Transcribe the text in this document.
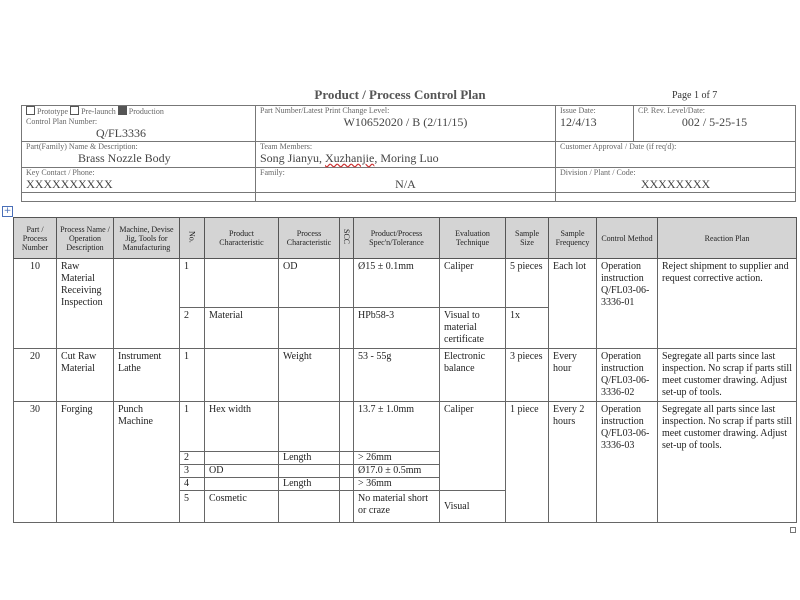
Product / Process Control Plan	Page 1 of 7
Prototype Pre-launch Production
Control Plan Number:
Q/FL3336	Part Number/Latest Print Change Level:
W10652020 / B (2/11/15)	Issue Date:
12/4/13	CP. Rev. Level/Date:
002 / 5-25-15

Part(Family) Name & Description:
Brass Nozzle Body	Team Members:
Song Jianyu, Xuzhanjie, Moring Luo	Customer Approval / Date (if req'd):	

Key Contact / Phone:
XXXXXXXXXX	Family:
N/A	Division / Plant / Code:
XXXXXXXX	

+
Part / Process Number	Process Name / Operation Description	Machine, Devise Jig, Tools for Manufacturing	No.	Product Characteristic	Process Characteristic	SCC	Product/Process Spec'n/Tolerance	Evaluation Technique	Sample Size	Sample Frequency	Control Method	Reaction Plan
10	Raw Material Receiving Inspection		1		OD		Ø15 ± 0.1mm	Caliper	5 pieces	Each lot	Operation instruction Q/FL03-06-3336-01	Reject shipment to supplier and request corrective action.
			2	Material			HPb58-3	Visual to material certificate	1x			
20	Cut Raw Material	Instrument Lathe	1		Weight		53 - 55g	Electronic balance	3 pieces	Every hour	Operation instruction Q/FL03-06-3336-02	Segregate all parts since last inspection. No scrap if parts still meet customer drawing. Adjust set-up of tools.
30	Forging	Punch Machine	1	Hex width			13.7 ± 1.0mm	Caliper	1 piece	Every 2 hours	Operation instruction Q/FL03-06-3336-03	Segregate all parts since last inspection. No scrap if parts still meet customer drawing. Adjust set-up of tools.
			2		Length		> 26mm					
			3	OD			Ø17.0 ± 0.5mm					
			4		Length		> 36mm					
			5	Cosmetic			No material short or craze	Visual				
